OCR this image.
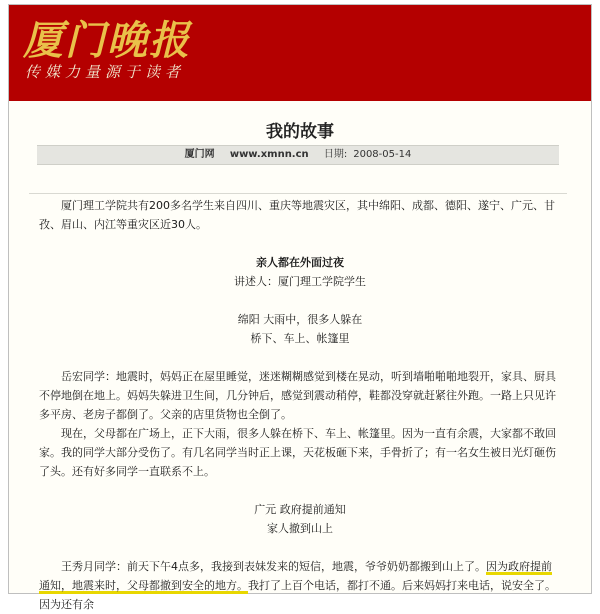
厦门晚报
传媒力量源于读者
我的故事
厦门网 www.xmnn.cn 日期: 2008-05-14
厦门理工学院共有200多名学生来自四川、重庆等地震灾区，其中绵阳、成都、德阳、遂宁、广元、甘孜、眉山、内江等重灾区近30人。
亲人都在外面过夜
讲述人：厦门理工学院学生
绵阳 大雨中，很多人躲在
桥下、车上、帐篷里
岳宏同学：地震时，妈妈正在屋里睡觉，迷迷糊糊感觉到楼在晃动，听到墙啪啪啪地裂开，家具、厨具不停地倒在地上。妈妈失躲进卫生间，几分钟后，感觉到震动稍停，鞋都没穿就赶紧往外跑。一路上只见许多平房、老房子都倒了。父亲的店里货物也全倒了。
现在，父母都在广场上，正下大雨，很多人躲在桥下、车上、帐篷里。因为一直有余震，大家都不敢回家。 我的同学大部分受伤了。有几名同学当时正上课，天花板砸下来，手骨折了；有一名女生被日光灯砸伤了头。还有好多同学一直联系不上。
广元 政府提前通知
家人撤到山上
王秀月同学：前天下午4点多，我接到表妹发来的短信，地震，爷爷奶奶都搬到山上了。因为政府提前通知，地震来时，父母都撤到安全的地方。我打了上百个电话，都打不通。后来妈妈打来电话，说安全了。因为还有余
